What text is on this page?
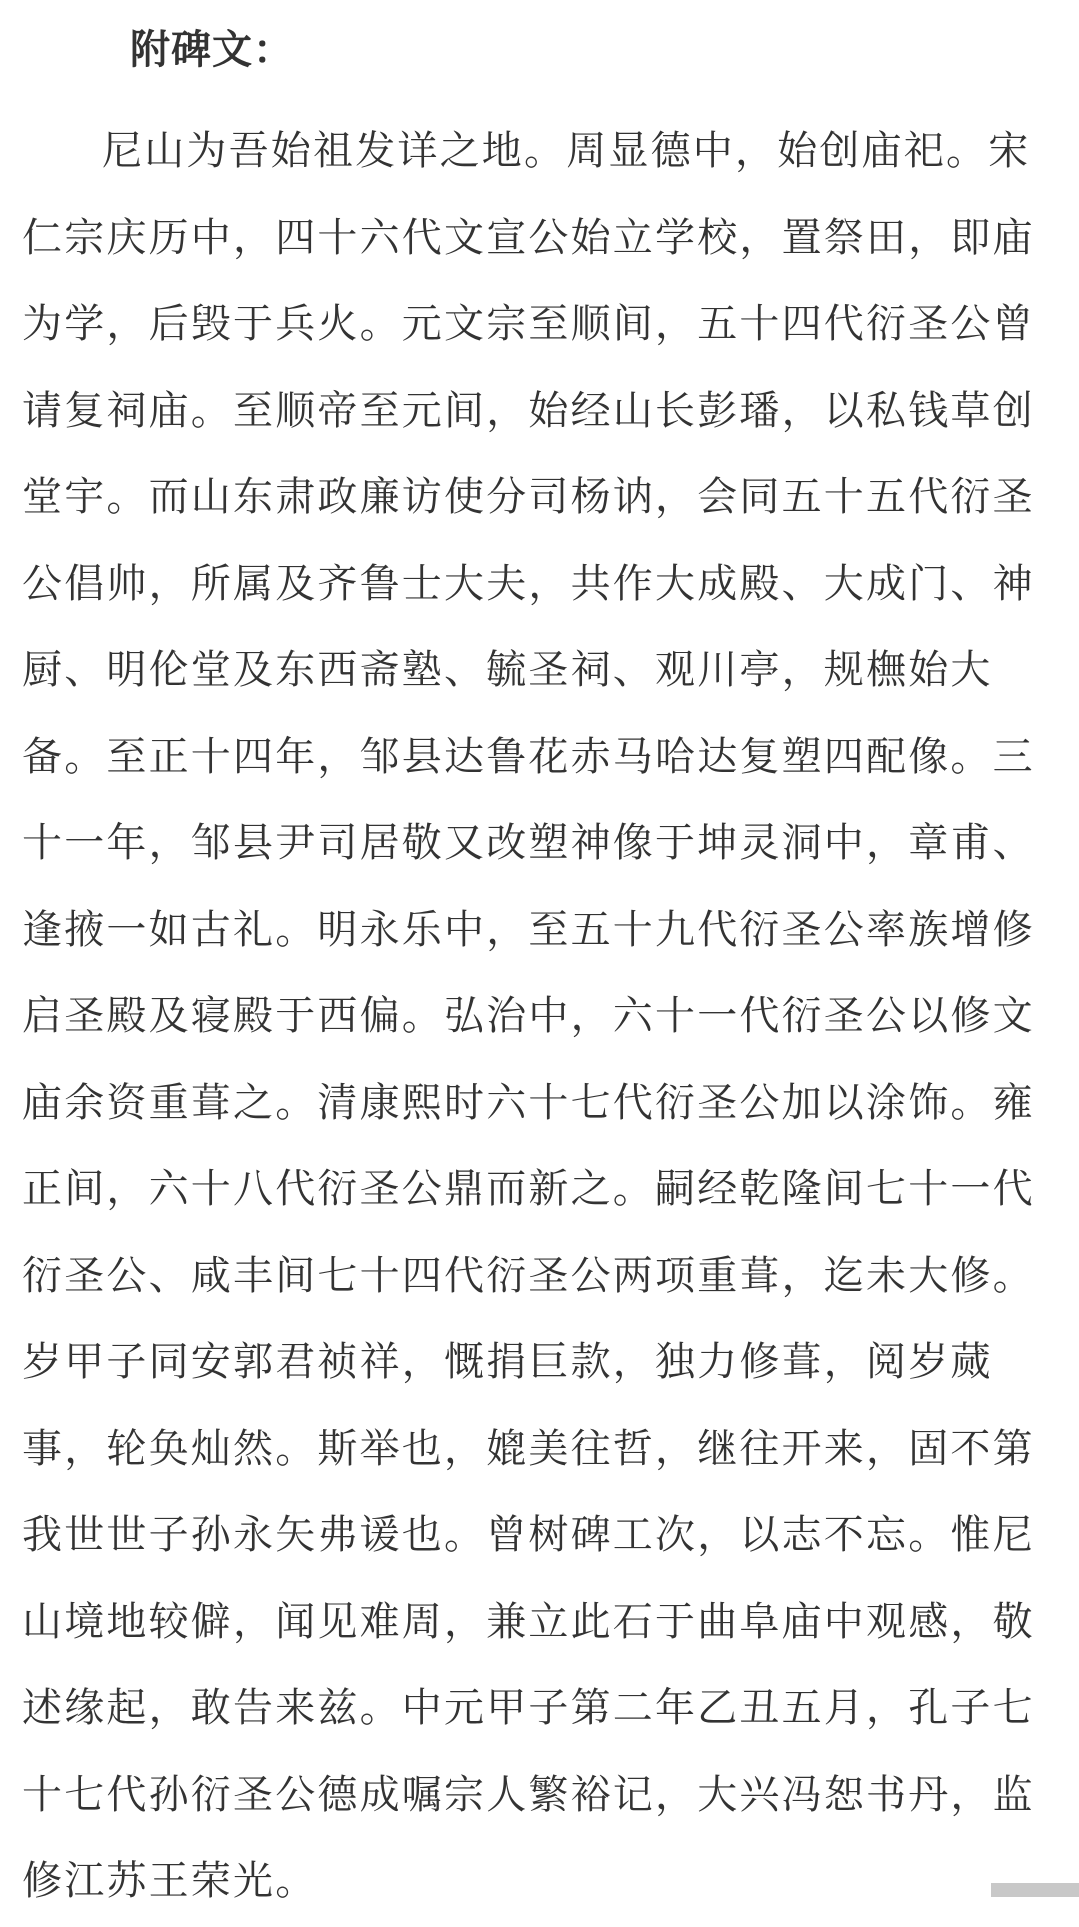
附碑文：
尼山为吾始祖发详之地。周显德中，始创庙祀。宋
仁宗庆历中，四十六代文宣公始立学校，置祭田，即庙
为学，后毁于兵火。元文宗至顺间，五十四代衍圣公曾
请复祠庙。至顺帝至元间，始经山长彭璠，以私钱草创
堂宇。而山东肃政廉访使分司杨讷，会同五十五代衍圣
公倡帅，所属及齐鲁士大夫，共作大成殿、大成门、神
厨、明伦堂及东西斋塾、毓圣祠、观川亭，规橅始大
备。至正十四年，邹县达鲁花赤马哈达复塑四配像。三
十一年，邹县尹司居敬又改塑神像于坤灵洞中，章甫、
逢掖一如古礼。明永乐中，至五十九代衍圣公率族增修
启圣殿及寝殿于西偏。弘治中，六十一代衍圣公以修文
庙余资重葺之。清康熙时六十七代衍圣公加以涂饰。雍
正间，六十八代衍圣公鼎而新之。嗣经乾隆间七十一代
衍圣公、咸丰间七十四代衍圣公两项重葺，迄未大修。
岁甲子同安郭君祯祥，慨捐巨款，独力修葺，阅岁蒇
事，轮奂灿然。斯举也，媲美往哲，继往开来，固不第
我世世子孙永矢弗谖也。曾树碑工次，以志不忘。惟尼
山境地较僻，闻见难周，兼立此石于曲阜庙中观感，敬
述缘起，敢告来兹。中元甲子第二年乙丑五月，孔子七
十七代孙衍圣公德成嘱宗人繁裕记，大兴冯恕书丹，监
修江苏王荣光。
